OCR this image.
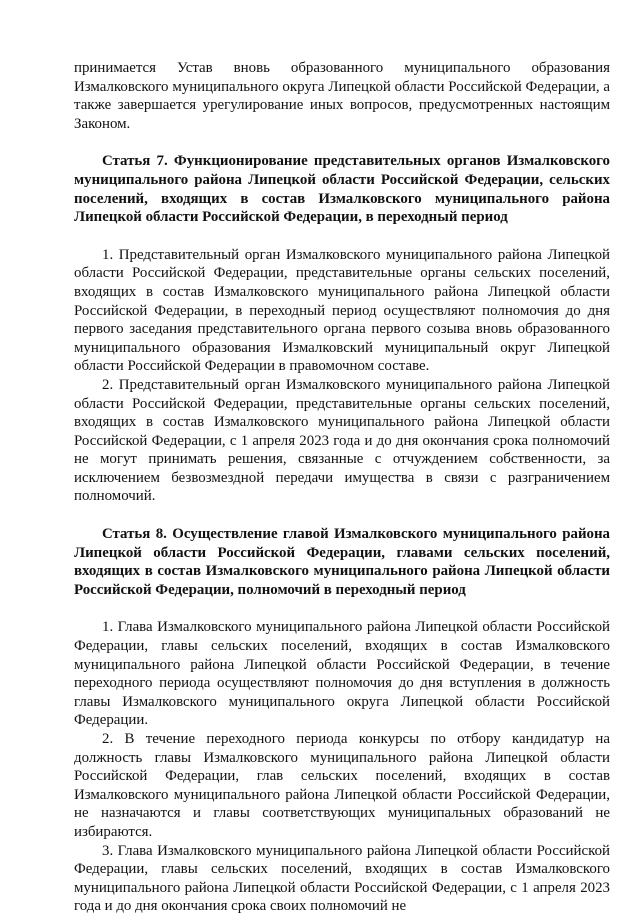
принимается Устав вновь образованного муниципального образования Измалковского муниципального округа Липецкой области Российской Федерации, а также завершается урегулирование иных вопросов, предусмотренных настоящим Законом.

Статья 7. Функционирование представительных органов Измалковского муниципального района Липецкой области Российской Федерации, сельских поселений, входящих в состав Измалковского муниципального района Липецкой области Российской Федерации, в переходный период

1. Представительный орган Измалковского муниципального района Липецкой области Российской Федерации, представительные органы сельских поселений, входящих в состав Измалковского муниципального района Липецкой области Российской Федерации, в переходный период осуществляют полномочия до дня первого заседания представительного органа первого созыва вновь образованного муниципального образования Измалковский муниципальный округ Липецкой области Российской Федерации в правомочном составе.

2. Представительный орган Измалковского муниципального района Липецкой области Российской Федерации, представительные органы сельских поселений, входящих в состав Измалковского муниципального района Липецкой области Российской Федерации, с 1 апреля 2023 года и до дня окончания срока полномочий не могут принимать решения, связанные с отчуждением собственности, за исключением безвозмездной передачи имущества в связи с разграничением полномочий.

Статья 8. Осуществление главой Измалковского муниципального района Липецкой области Российской Федерации, главами сельских поселений, входящих в состав Измалковского муниципального района Липецкой области Российской Федерации, полномочий в переходный период

1. Глава Измалковского муниципального района Липецкой области Российской Федерации, главы сельских поселений, входящих в состав Измалковского муниципального района Липецкой области Российской Федерации, в течение переходного периода осуществляют полномочия до дня вступления в должность главы Измалковского муниципального округа Липецкой области Российской Федерации.

2. В течение переходного периода конкурсы по отбору кандидатур на должность главы Измалковского муниципального района Липецкой области Российской Федерации, глав сельских поселений, входящих в состав Измалковского муниципального района Липецкой области Российской Федерации, не назначаются и главы соответствующих муниципальных образований не избираются.

3. Глава Измалковского муниципального района Липецкой области Российской Федерации, главы сельских поселений, входящих в состав Измалковского муниципального района Липецкой области Российской Федерации, с 1 апреля 2023 года и до дня окончания срока своих полномочий не
